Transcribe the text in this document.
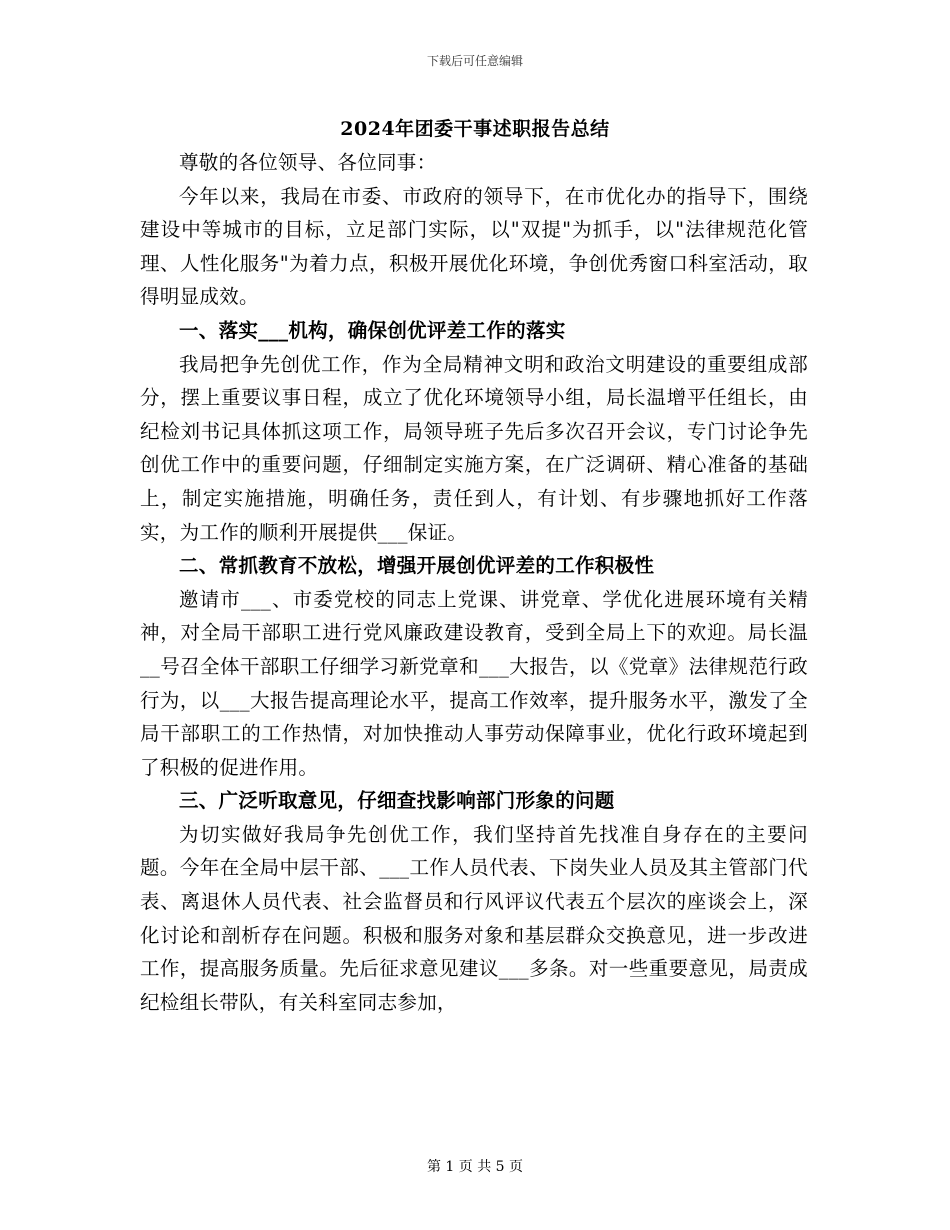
下载后可任意编辑
2024年团委干事述职报告总结

尊敬的各位领导、各位同事：

今年以来，我局在市委、市政府的领导下，在市优化办的指导下，围绕建设中等城市的目标，立足部门实际，以"双提"为抓手，以"法律规范化管理、人性化服务"为着力点，积极开展优化环境，争创优秀窗口科室活动，取得明显成效。

一、落实___机构，确保创优评差工作的落实

我局把争先创优工作，作为全局精神文明和政治文明建设的重要组成部分，摆上重要议事日程，成立了优化环境领导小组，局长温增平任组长，由纪检刘书记具体抓这项工作，局领导班子先后多次召开会议，专门讨论争先创优工作中的重要问题，仔细制定实施方案，在广泛调研、精心准备的基础上，制定实施措施，明确任务，责任到人，有计划、有步骤地抓好工作落实，为工作的顺利开展提供___保证。

二、常抓教育不放松，增强开展创优评差的工作积极性

邀请市___、市委党校的同志上党课、讲党章、学优化进展环境有关精神，对全局干部职工进行党风廉政建设教育，受到全局上下的欢迎。局长温__号召全体干部职工仔细学习新党章和___大报告，以《党章》法律规范行政行为，以___大报告提高理论水平，提高工作效率，提升服务水平，激发了全局干部职工的工作热情，对加快推动人事劳动保障事业，优化行政环境起到了积极的促进作用。

三、广泛听取意见，仔细查找影响部门形象的问题

为切实做好我局争先创优工作，我们坚持首先找准自身存在的主要问题。今年在全局中层干部、___工作人员代表、下岗失业人员及其主管部门代表、离退休人员代表、社会监督员和行风评议代表五个层次的座谈会上，深化讨论和剖析存在问题。积极和服务对象和基层群众交换意见，进一步改进工作，提高服务质量。先后征求意见建议___多条。对一些重要意见，局责成纪检组长带队，有关科室同志参加，

第 1 页 共 5 页
